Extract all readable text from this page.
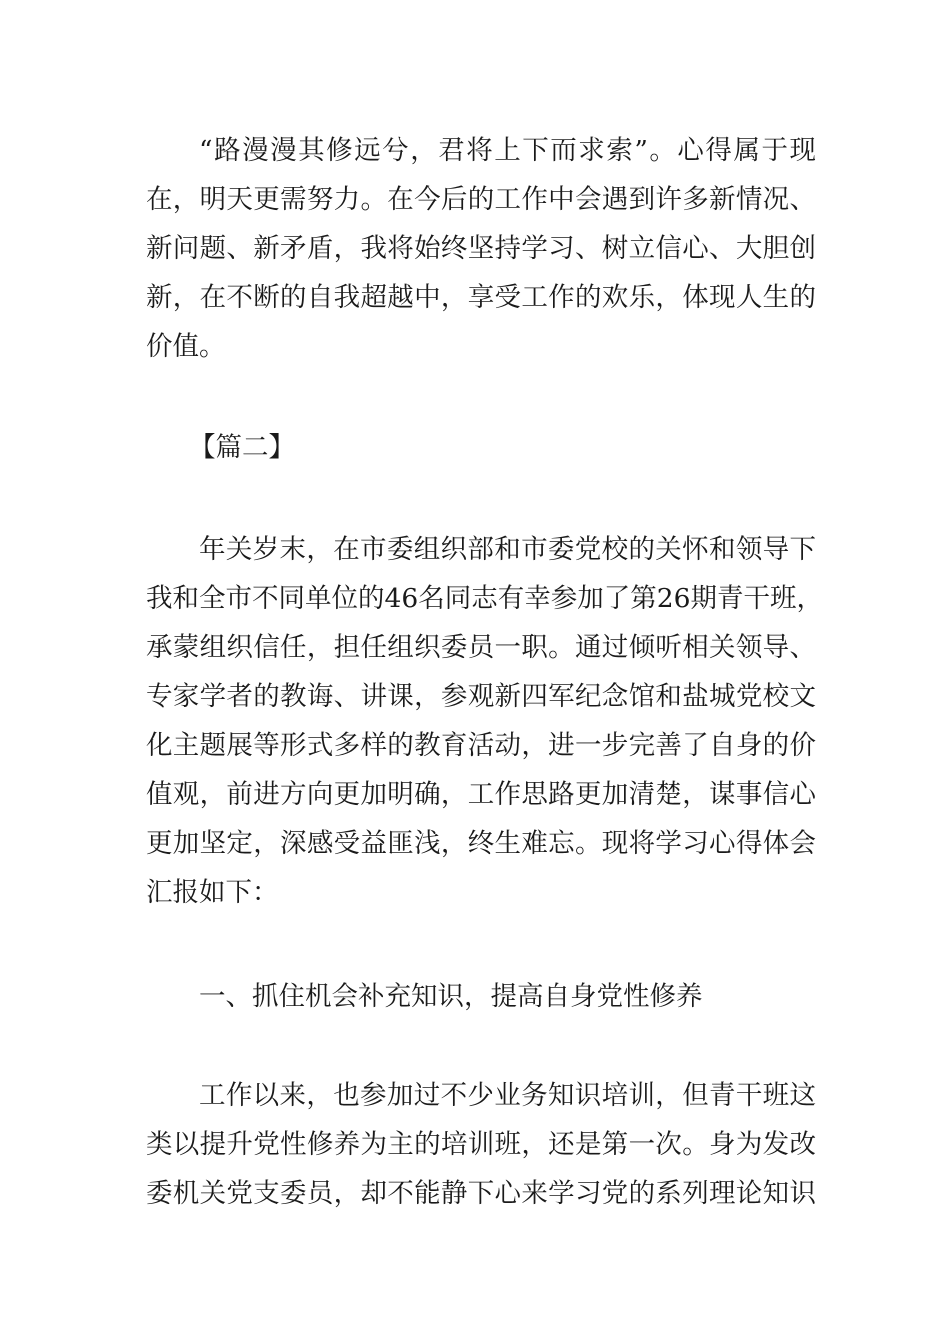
“路漫漫其修远兮，君将上下而求索”。心得属于现
在，明天更需努力。在今后的工作中会遇到许多新情况、
新问题、新矛盾，我将始终坚持学习、树立信心、大胆创
新，在不断的自我超越中，享受工作的欢乐，体现人生的
价值。
【篇二】
年关岁末，在市委组织部和市委党校的关怀和领导下
我和全市不同单位的46名同志有幸参加了第26期青干班，
承蒙组织信任，担任组织委员一职。通过倾听相关领导、
专家学者的教诲、讲课，参观新四军纪念馆和盐城党校文
化主题展等形式多样的教育活动，进一步完善了自身的价
值观，前进方向更加明确，工作思路更加清楚，谋事信心
更加坚定，深感受益匪浅，终生难忘。现将学习心得体会
汇报如下：
一、抓住机会补充知识，提高自身党性修养
工作以来，也参加过不少业务知识培训，但青干班这
类以提升党性修养为主的培训班，还是第一次。身为发改
委机关党支委员，却不能静下心来学习党的系列理论知识
